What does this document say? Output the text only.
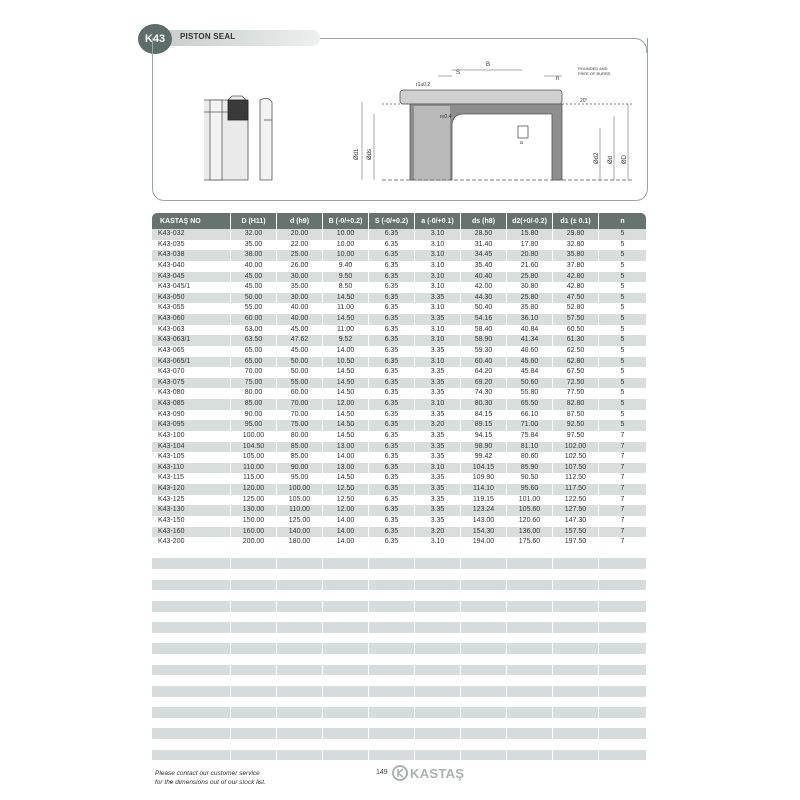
PISTON SEAL
K43
B
S
n
r1≤0.2
r≤0.4
a
20°
ROUNDED AND
FREE OF BURRS
Ød1 Øds	Ød2 Ød ØD
KASTAŞ NO	D (H11)	d (h9)	B (-0/+0.2)	S (-0/+0.2)	a (-0/+0.1)	ds (h8)	d2(+0/-0.2)	d1 (± 0.1)	n
K43-032	32.00	20.00	10.00	6.35	3.10	28.50	15.80	29.80	5
K43-035	35.00	22.00	10.00	6.35	3.10	31.40	17.80	32.80	5
K43-038	38.00	25.00	10.00	6.35	3.10	34.45	20.80	35.80	5
K43-040	40.00	26.00	9.40	6.35	3.10	35.40	21.60	37.80	5
K43-045	45.00	30.00	9.50	6.35	3.10	40.40	25.80	42.80	5
K43-045/1	45.00	35.00	8.50	6.35	3.10	42.00	30.80	42.80	5
K43-050	50.00	30.00	14.50	6.35	3.35	44.30	25.80	47.50	5
K43-055	55.00	40.00	11.00	6.35	3.10	50.40	35.80	52.80	5
K43-060	60.00	40.00	14.50	6.35	3.35	54.16	36.10	57.50	5
K43-063	63.00	45.00	11.00	6.35	3.10	58.40	40.84	60.50	5
K43-063/1	63.50	47.62	9.52	6.35	3.10	58.90	41.34	61.30	5
K43-065	65.00	45.00	14.00	6.35	3.35	59.30	40.60	62.50	5
K43-065/1	65.00	50.00	10.50	6.35	3.10	60.40	45.60	62.80	5
K43-070	70.00	50.00	14.50	6.35	3.35	64.20	45.84	67.50	5
K43-075	75.00	55.00	14.50	6.35	3.35	69.20	50.60	72.50	5
K43-080	80.00	60.00	14.50	6.35	3.35	74.30	55.80	77.50	5
K43-085	85.00	70.00	12.00	6.35	3.10	80.30	65.50	82.80	5
K43-090	90.00	70.00	14.50	6.35	3.35	84.15	66.10	87.50	5
K43-095	95.00	75.00	14.50	6.35	3.20	89.15	71.00	92.50	5
K43-100	100.00	80.00	14.50	6.35	3.35	94.15	75.84	97.50	7
K43-104	104.50	85.00	13.00	6.35	3.35	98.90	81.10	102.00	7
K43-105	105.00	85.00	14.00	6.35	3.35	99.42	80.60	102.50	7
K43-110	110.00	90.00	13.00	6.35	3.10	104.15	85.90	107.50	7
K43-115	115.00	95.00	14.50	6.35	3.35	109.90	90.50	112.50	7
K43-120	120.00	100.00	12.50	6.35	3.35	114.10	95.60	117.50	7
K43-125	125.00	105.00	12.50	6.35	3.35	119.15	101.00	122.50	7
K43-130	130.00	110.00	12.00	6.35	3.35	123.24	105.60	127.50	7
K43-150	150.00	125.00	14.00	6.35	3.35	143.00	120.60	147.30	7
K43-160	160.00	140.00	14.00	6.35	3.20	154.30	136.00	157.50	7
K43-200	200.00	180.00	14.00	6.35	3.10	194.00	175.60	197.50	7
Please contact our customer service
for the dimensions out of our stock list.
149 KASTAŞ
